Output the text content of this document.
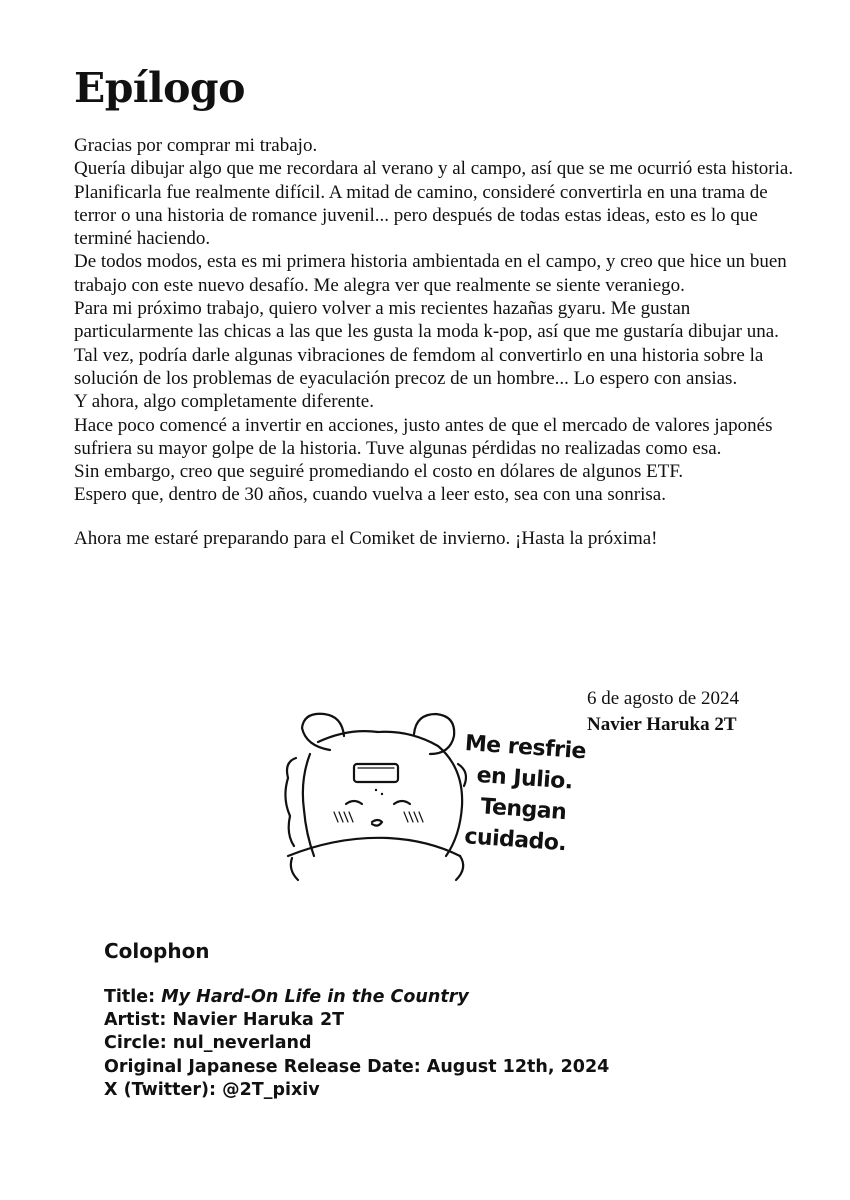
Epílogo

Gracias por comprar mi trabajo.

Quería dibujar algo que me recordara al verano y al campo, así que se me ocurrió esta historia.

Planificarla fue realmente difícil. A mitad de camino, consideré convertirla en una trama de terror o una historia de romance juvenil... pero después de todas estas ideas, esto es lo que terminé haciendo.

De todos modos, esta es mi primera historia ambientada en el campo, y creo que hice un buen trabajo con este nuevo desafío. Me alegra ver que realmente se siente veraniego.

Para mi próximo trabajo, quiero volver a mis recientes hazañas gyaru. Me gustan particularmente las chicas a las que les gusta la moda k-pop, así que me gustaría dibujar una.

Tal vez, podría darle algunas vibraciones de femdom al convertirlo en una historia sobre la solución de los problemas de eyaculación precoz de un hombre... Lo espero con ansias.

Y ahora, algo completamente diferente.

Hace poco comencé a invertir en acciones, justo antes de que el mercado de valores japonés sufriera su mayor golpe de la historia. Tuve algunas pérdidas no realizadas como esa.

Sin embargo, creo que seguiré promediando el costo en dólares de algunos ETF.

Espero que, dentro de 30 años, cuando vuelva a leer esto, sea con una sonrisa.

Ahora me estaré preparando para el Comiket de invierno. ¡Hasta la próxima!

6 de agosto de 2024
Navier Haruka 2T
Me resfrie
en Julio.
Tengan
cuidado.
Colophon
Title: My Hard-On Life in the Country
Artist: Navier Haruka 2T
Circle: nul_neverland
Original Japanese Release Date: August 12th, 2024
X (Twitter): @2T_pixiv
